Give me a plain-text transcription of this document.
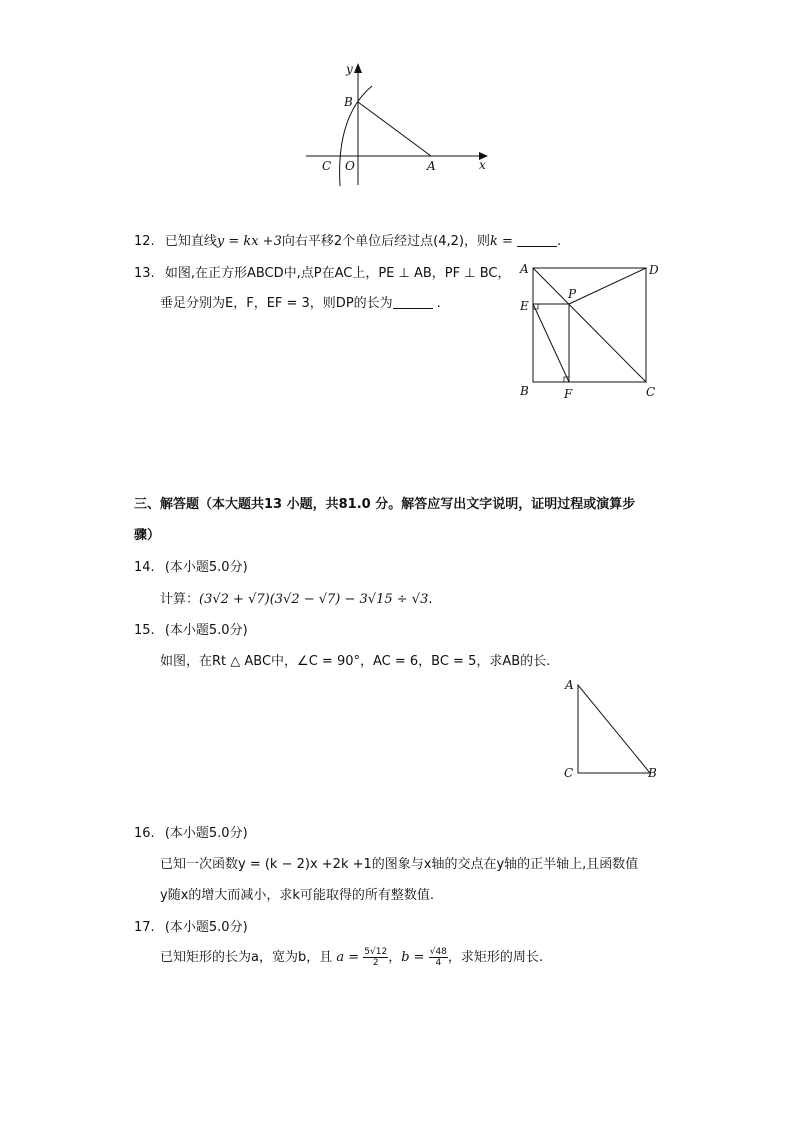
y
B
C O	A	x
12. 已知直线y = kx +3向右平移2个单位后经过点(4,2)，则k =	.
13. 如图,在正方形ABCD中,点P在AC上，PE ⊥ AB，PF ⊥ BC，
垂足分别为E，F，EF = 3，则DP的长为	.
A	D
E
P
B	F	C
三、解答题（本大题共13 小题，共81.0 分。解答应写出文字说明，证明过程或演算步
骤）
14. (本小题5.0分)
计算：(3√2 + √7)(3√2 − √7) − 3√15 ÷ √3.
15. (本小题5.0分)
如图，在Rt △ ABC中，∠C = 90°，AC = 6，BC = 5，求AB的长.
A
C	B
16. (本小题5.0分)
已知一次函数y = (k − 2)x +2k +1的图象与x轴的交点在y轴的正半轴上,且函数值
y随x的增大而减小，求k可能取得的所有整数值.
17. (本小题5.0分)
已知矩形的长为a，宽为b，且 $a = \frac{5√12}{2}$ ，$b = \frac{√48}{4}$ ，求矩形的周长.
